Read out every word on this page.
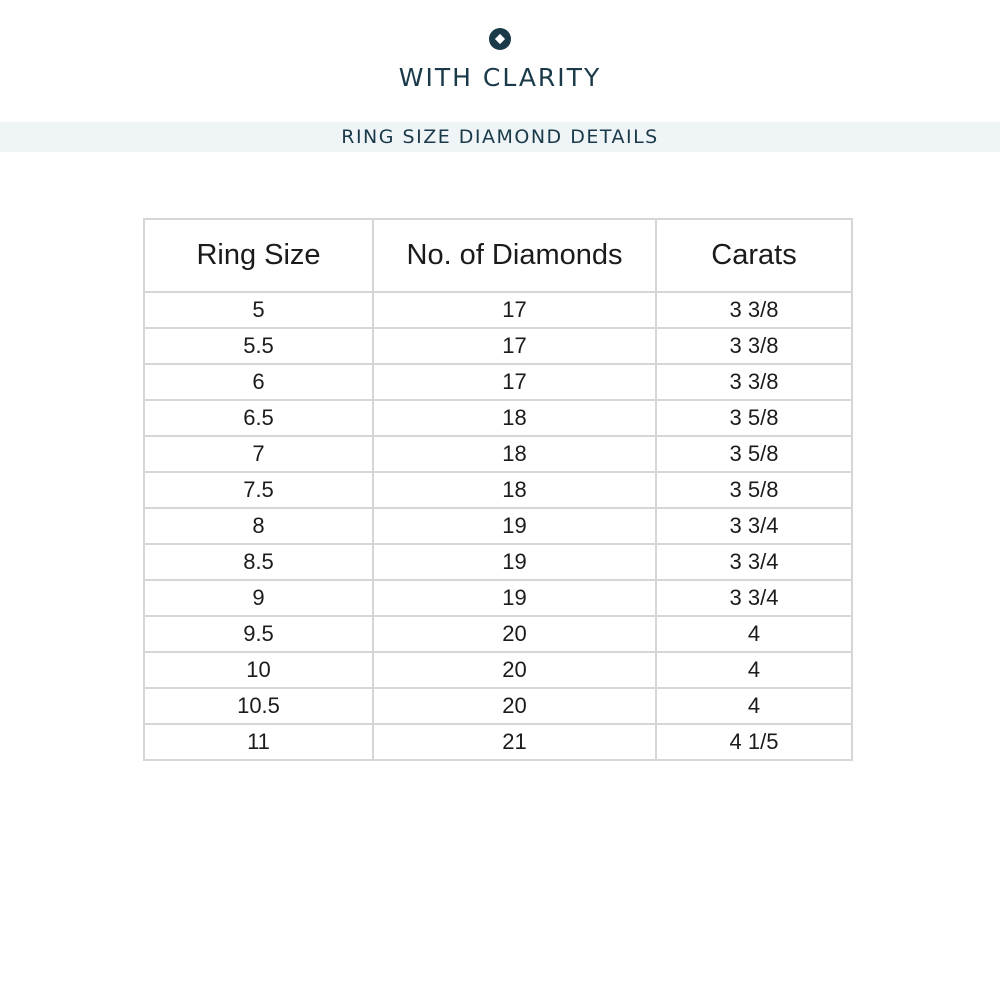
WITH CLARITY
RING SIZE DIAMOND DETAILS
Ring Size	No. of Diamonds	Carats
5	17	3 3/8
5.5	17	3 3/8
6	17	3 3/8
6.5	18	3 5/8
7	18	3 5/8
7.5	18	3 5/8
8	19	3 3/4
8.5	19	3 3/4
9	19	3 3/4
9.5	20	4
10	20	4
10.5	20	4
11	21	4 1/5
